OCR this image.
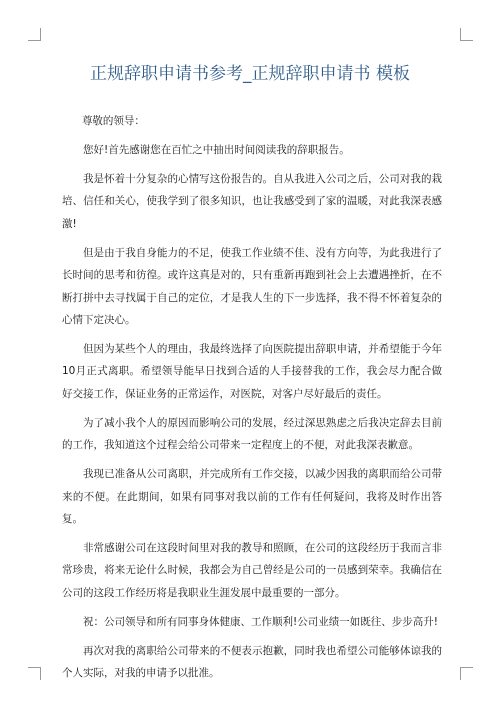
正规辞职申请书参考_正规辞职申请书 模板

尊敬的领导：

您好!首先感谢您在百忙之中抽出时间阅读我的辞职报告。

我是怀着十分复杂的心情写这份报告的。自从我进入公司之后，公司对我的栽培、信任和关心，使我学到了很多知识，也让我感受到了家的温暖，对此我深表感激!

但是由于我自身能力的不足，使我工作业绩不佳、没有方向等，为此我进行了长时间的思考和彷徨。或许这真是对的，只有重新再跑到社会上去遭遇挫折，在不断打拼中去寻找属于自己的定位，才是我人生的下一步选择，我不得不怀着复杂的心情下定决心。

但因为某些个人的理由，我最终选择了向医院提出辞职申请，并希望能于今年 10月正式离职。希望领导能早日找到合适的人手接替我的工作，我会尽力配合做好交接工作，保证业务的正常运作，对医院，对客户尽好最后的责任。

为了减小我个人的原因而影响公司的发展，经过深思熟虑之后我决定辞去目前的工作，我知道这个过程会给公司带来一定程度上的不便，对此我深表歉意。

我现已准备从公司离职，并完成所有工作交接，以减少因我的离职而给公司带来的不便。在此期间，如果有同事对我以前的工作有任何疑问，我将及时作出答复。

非常感谢公司在这段时间里对我的教导和照顾，在公司的这段经历于我而言非常珍贵，将来无论什么时候，我都会为自己曾经是公司的一员感到荣幸。我确信在公司的这段工作经历将是我职业生涯发展中最重要的一部分。

祝：公司领导和所有同事身体健康、工作顺利!公司业绩一如既往、步步高升!

再次对我的离职给公司带来的不便表示抱歉，同时我也希望公司能够体谅我的个人实际，对我的申请予以批准。
